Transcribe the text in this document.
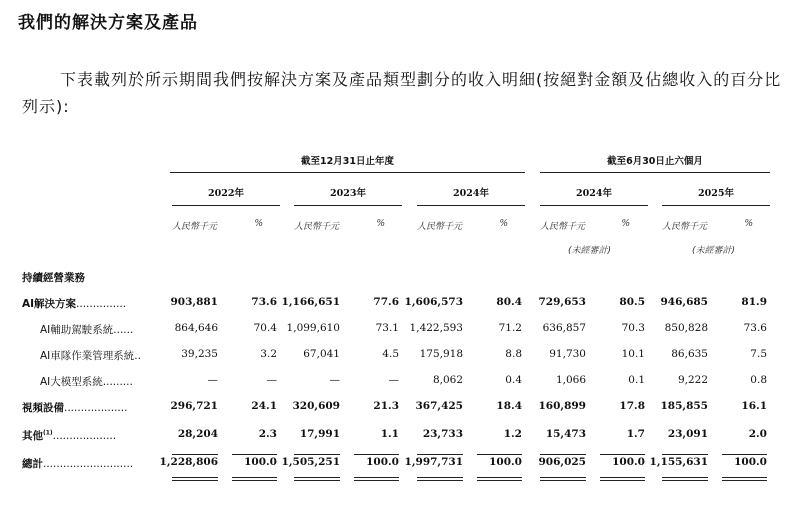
我們的解決方案及產品
下表載列於所示期間我們按解決方案及產品類型劃分的收入明細(按絕對金額及佔總收入的百分比列示):
截至12月31日止年度	截至6月30日止六個月
2022年	2023年	2024年	2024年	2025年
人民幣千元	%	人民幣千元	%	人民幣千元	%	人民幣千元	%	人民幣千元	%
(未經審計)	(未經審計)
持續經營業務
AI解決方案...............	903,881	73.6 1,166,651	77.6 1,606,573	80.4	729,653	80.5	946,685	81.9
AI輔助駕駛系統......	864,646	70.4 1,099,610	73.1	1,422,593	71.2	636,857	70.3	850,828	73.6
AI車隊作業管理系統..	39,235	3.2	67,041	4.5	175,918	8.8	91,730	10.1	86,635	7.5
AI大模型系統.........	—	—	—	—	8,062	0.4	1,066	0.1	9,222	0.8
視頻設備...................	296,721	24.1	320,609	21.3	367,425	18.4	160,899	17.8	185,855	16.1
其他$^{(1)}$...................	28,204	2.3	17,991	1.1	23,733	1.2	15,473	1.7	23,091	2.0
總計...........................	1,228,806	100.0 1,505,251	100.0 1,997,731	100.0	906,025	100.0 1,155,631	100.0
